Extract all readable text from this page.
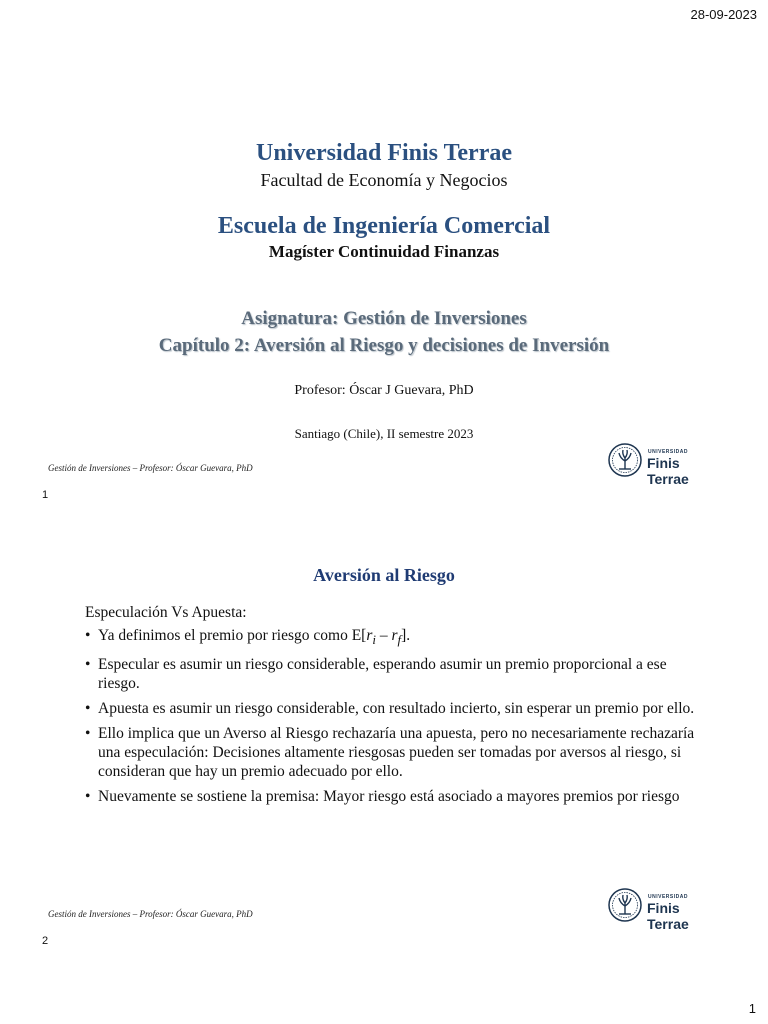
28-09-2023
Universidad Finis Terrae
Facultad de Economía y Negocios
Escuela de Ingeniería Comercial
Magíster Continuidad Finanzas
Asignatura: Gestión de Inversiones
Capítulo 2: Aversión al Riesgo y decisiones de Inversión
Profesor: Óscar J Guevara, PhD
Santiago (Chile), II semestre 2023
Gestión de Inversiones – Profesor: Óscar Guevara, PhD
1
UNIVERSIDAD
Finis Terrae
Aversión al Riesgo

Especulación Vs Apuesta:

• Ya definimos el premio por riesgo como $E[r_i - r_f]$.
• Especular es asumir un riesgo considerable, esperando asumir un premio proporcional a ese riesgo.
• Apuesta es asumir un riesgo considerable, con resultado incierto, sin esperar un premio por ello.
• Ello implica que un Averso al Riesgo rechazaría una apuesta, pero no necesariamente rechazaría una especulación: Decisiones altamente riesgosas pueden ser tomadas por aversos al riesgo, si consideran que hay un premio adecuado por ello.
• Nuevamente se sostiene la premisa: Mayor riesgo está asociado a mayores premios por riesgo
Gestión de Inversiones – Profesor: Óscar Guevara, PhD
2
UNIVERSIDAD
Finis Terrae
1
